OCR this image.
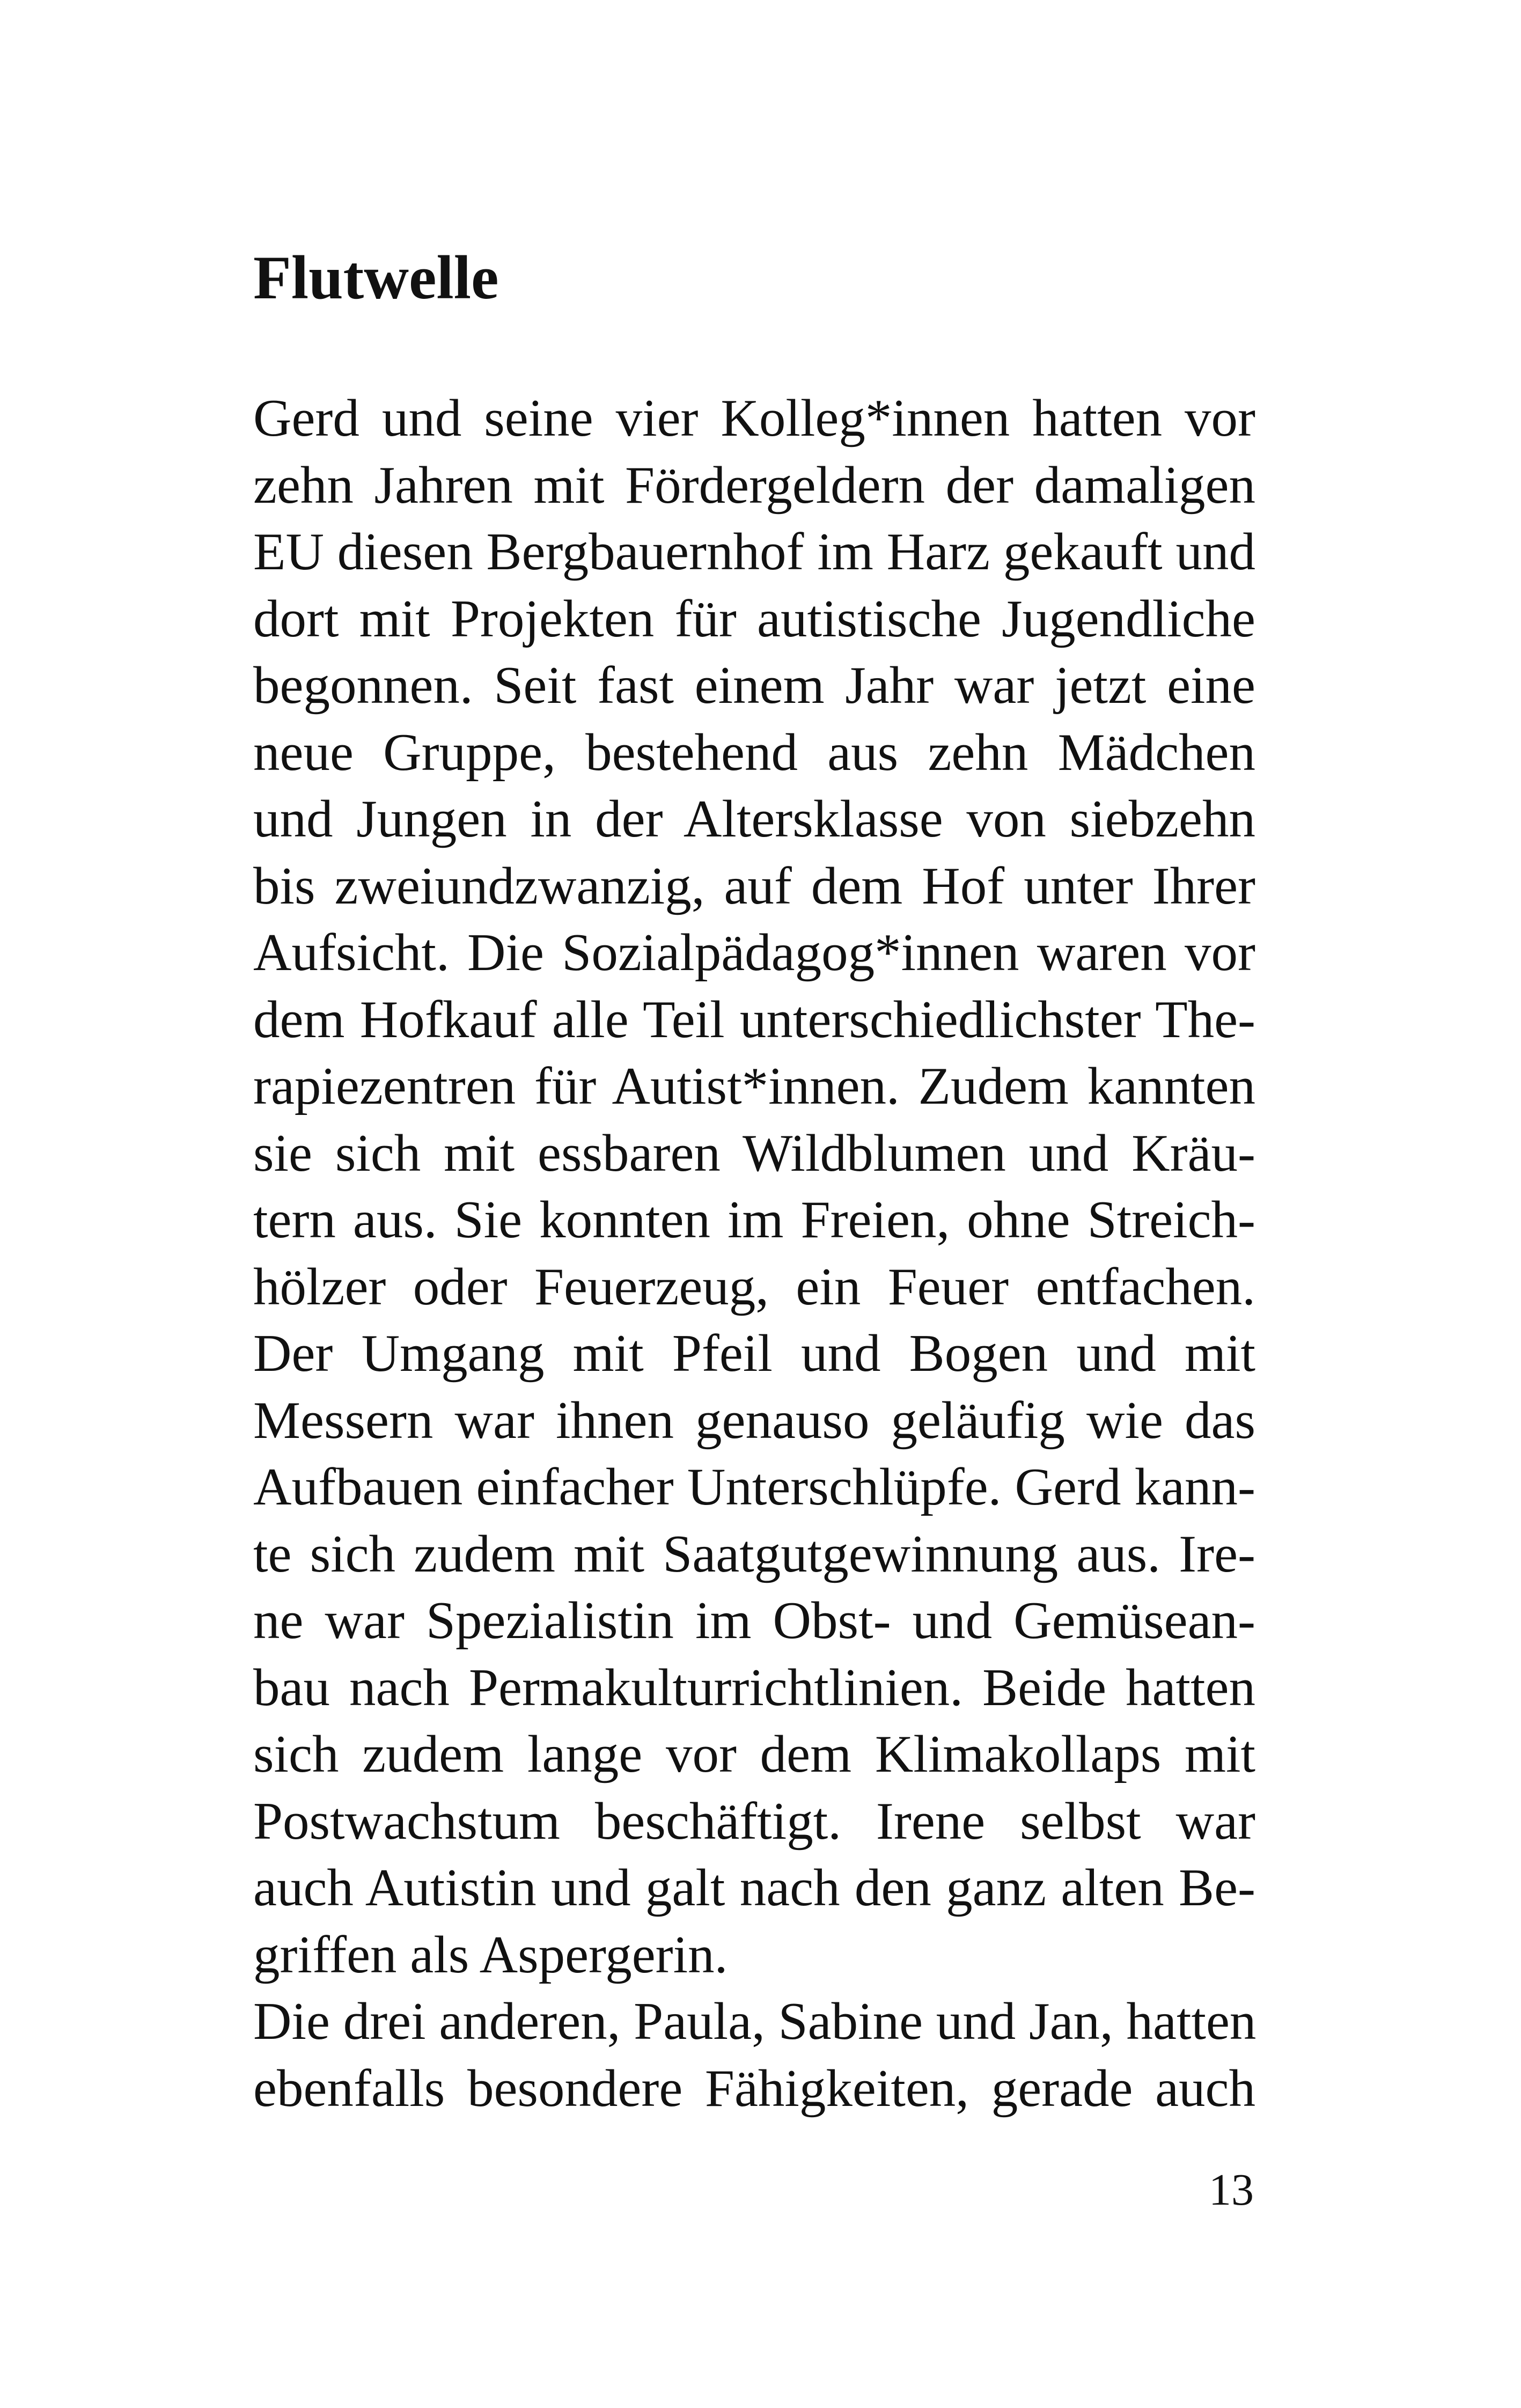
Flutwelle
Gerd und seine vier Kolleg*innen hatten vor
zehn Jahren mit Fördergeldern der damaligen
EU diesen Bergbauernhof im Harz gekauft und
dort mit Projekten für autistische Jugendliche
begonnen. Seit fast einem Jahr war jetzt eine
neue Gruppe, bestehend aus zehn Mädchen
und Jungen in der Altersklasse von siebzehn
bis zweiundzwanzig, auf dem Hof unter Ihrer
Aufsicht. Die Sozialpädagog*innen waren vor
dem Hofkauf alle Teil unterschiedlichster The-
rapiezentren für Autist*innen. Zudem kannten
sie sich mit essbaren Wildblumen und Kräu-
tern aus. Sie konnten im Freien, ohne Streich-
hölzer oder Feuerzeug, ein Feuer entfachen.
Der Umgang mit Pfeil und Bogen und mit
Messern war ihnen genauso geläufig wie das
Aufbauen einfacher Unterschlüpfe. Gerd kann-
te sich zudem mit Saatgutgewinnung aus. Ire-
ne war Spezialistin im Obst- und Gemüsean-
bau nach Permakulturrichtlinien. Beide hatten
sich zudem lange vor dem Klimakollaps mit
Postwachstum beschäftigt. Irene selbst war
auch Autistin und galt nach den ganz alten Be-
griffen als Aspergerin.
Die drei anderen, Paula, Sabine und Jan, hatten
ebenfalls besondere Fähigkeiten, gerade auch
13
